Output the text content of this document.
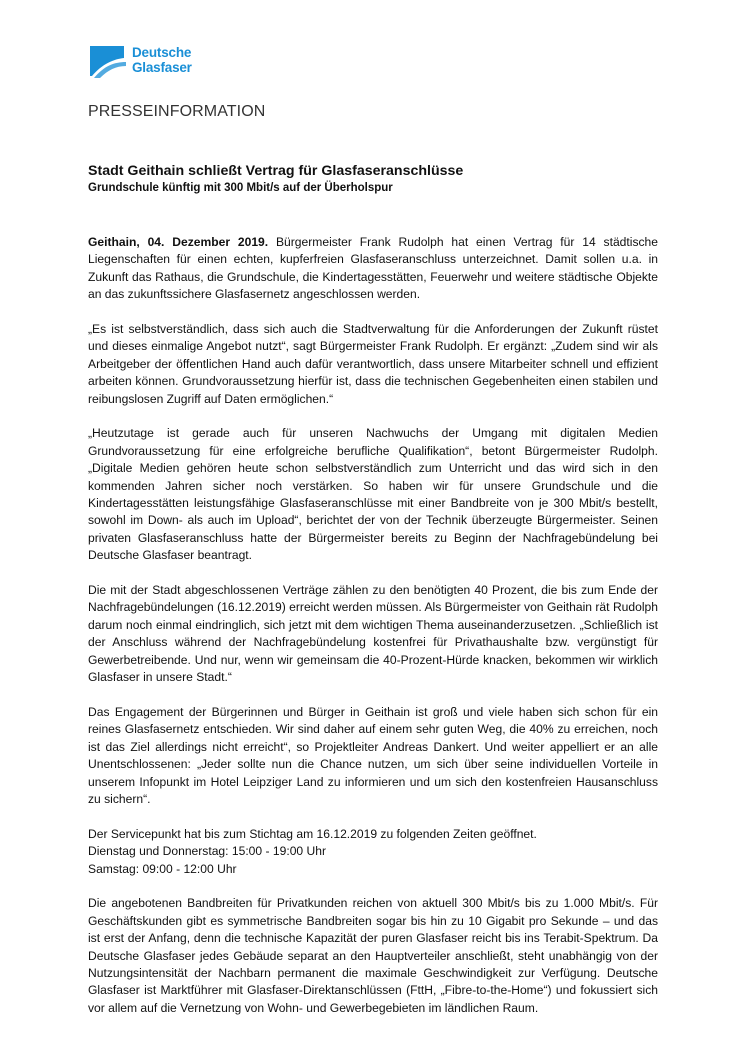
Deutsche
Glasfaser
PRESSEINFORMATION
Stadt Geithain schließt Vertrag für Glasfaseranschlüsse
Grundschule künftig mit 300 Mbit/s auf der Überholspur

Geithain, 04. Dezember 2019. Bürgermeister Frank Rudolph hat einen Vertrag für 14 städtische Liegenschaften für einen echten, kupferfreien Glasfaseranschluss unterzeichnet. Damit sollen u.a. in Zukunft das Rathaus, die Grundschule, die Kindertagesstätten, Feuerwehr und weitere städtische Objekte an das zukunftssichere Glasfasernetz angeschlossen werden.

„Es ist selbstverständlich, dass sich auch die Stadtverwaltung für die Anforderungen der Zukunft rüstet und dieses einmalige Angebot nutzt“, sagt Bürgermeister Frank Rudolph. Er ergänzt: „Zudem sind wir als Arbeitgeber der öffentlichen Hand auch dafür verantwortlich, dass unsere Mitarbeiter schnell und effizient arbeiten können. Grundvoraussetzung hierfür ist, dass die technischen Gegebenheiten einen stabilen und reibungslosen Zugriff auf Daten ermöglichen.“

„Heutzutage ist gerade auch für unseren Nachwuchs der Umgang mit digitalen Medien Grundvoraussetzung für eine erfolgreiche berufliche Qualifikation“, betont Bürgermeister Rudolph. „Digitale Medien gehören heute schon selbstverständlich zum Unterricht und das wird sich in den kommenden Jahren sicher noch verstärken. So haben wir für unsere Grundschule und die Kindertagesstätten leistungsfähige Glasfaseranschlüsse mit einer Bandbreite von je 300 Mbit/s bestellt, sowohl im Down- als auch im Upload“, berichtet der von der Technik überzeugte Bürgermeister. Seinen privaten Glasfaseranschluss hatte der Bürgermeister bereits zu Beginn der Nachfragebündelung bei Deutsche Glasfaser beantragt.

Die mit der Stadt abgeschlossenen Verträge zählen zu den benötigten 40 Prozent, die bis zum Ende der Nachfragebündelungen (16.12.2019) erreicht werden müssen. Als Bürgermeister von Geithain rät Rudolph darum noch einmal eindringlich, sich jetzt mit dem wichtigen Thema auseinanderzusetzen. „Schließlich ist der Anschluss während der Nachfragebündelung kostenfrei für Privathaushalte bzw. vergünstigt für Gewerbetreibende. Und nur, wenn wir gemeinsam die 40-Prozent-Hürde knacken, bekommen wir wirklich Glasfaser in unsere Stadt.“

Das Engagement der Bürgerinnen und Bürger in Geithain ist groß und viele haben sich schon für ein reines Glasfasernetz entschieden. Wir sind daher auf einem sehr guten Weg, die 40% zu erreichen, noch ist das Ziel allerdings nicht erreicht“, so Projektleiter Andreas Dankert. Und weiter appelliert er an alle Unentschlossenen: „Jeder sollte nun die Chance nutzen, um sich über seine individuellen Vorteile in unserem Infopunkt im Hotel Leipziger Land zu informieren und um sich den kostenfreien Hausanschluss zu sichern“.

Der Servicepunkt hat bis zum Stichtag am 16.12.2019 zu folgenden Zeiten geöffnet.
Dienstag und Donnerstag: 15:00 - 19:00 Uhr
Samstag: 09:00 - 12:00 Uhr

Die angebotenen Bandbreiten für Privatkunden reichen von aktuell 300 Mbit/s bis zu 1.000 Mbit/s. Für Geschäftskunden gibt es symmetrische Bandbreiten sogar bis hin zu 10 Gigabit pro Sekunde – und das ist erst der Anfang, denn die technische Kapazität der puren Glasfaser reicht bis ins Terabit-Spektrum. Da Deutsche Glasfaser jedes Gebäude separat an den Hauptverteiler anschließt, steht unabhängig von der Nutzungsintensität der Nachbarn permanent die maximale Geschwindigkeit zur Verfügung. Deutsche Glasfaser ist Marktführer mit Glasfaser-Direktanschlüssen (FttH, „Fibre-to-the-Home“) und fokussiert sich vor allem auf die Vernetzung von Wohn- und Gewerbegebieten im ländlichen Raum.
